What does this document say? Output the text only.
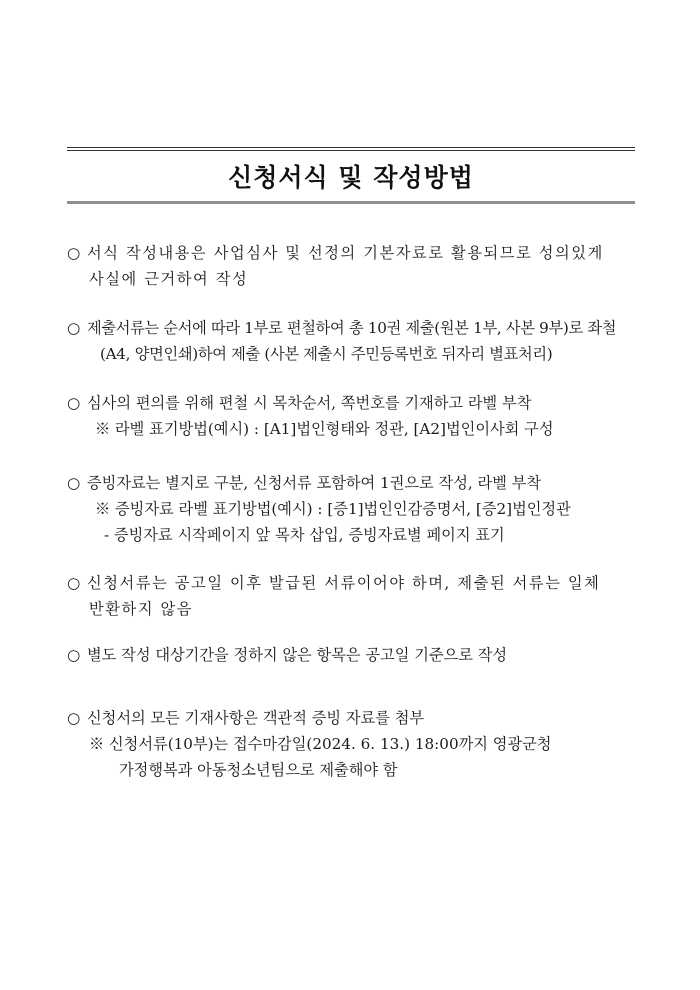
신청서식 및 작성방법
○ 서식 작성내용은 사업심사 및 선정의 기본자료로 활용되므로 성의있게
사실에 근거하여 작성
○ 제출서류는 순서에 따라 1부로 편철하여 총 10권 제출(원본 1부, 사본 9부)로 좌철
(A4, 양면인쇄)하여 제출 (사본 제출시 주민등록번호 뒤자리 별표처리)
○ 심사의 편의를 위해 편철 시 목차순서, 쪽번호를 기재하고 라벨 부착
※ 라벨 표기방법(예시) : [A1]법인형태와 정관, [A2]법인이사회 구성
○ 증빙자료는 별지로 구분, 신청서류 포함하여 1권으로 작성, 라벨 부착
※ 증빙자료 라벨 표기방법(예시) : [증1]법인인감증명서, [증2]법인정관
- 증빙자료 시작페이지 앞 목차 삽입, 증빙자료별 페이지 표기
○ 신청서류는 공고일 이후 발급된 서류이어야 하며, 제출된 서류는 일체
반환하지 않음
○ 별도 작성 대상기간을 정하지 않은 항목은 공고일 기준으로 작성
○ 신청서의 모든 기재사항은 객관적 증빙 자료를 첨부
※ 신청서류(10부)는 접수마감일(2024. 6. 13.) 18:00까지 영광군청
가정행복과 아동청소년팀으로 제출해야 함
